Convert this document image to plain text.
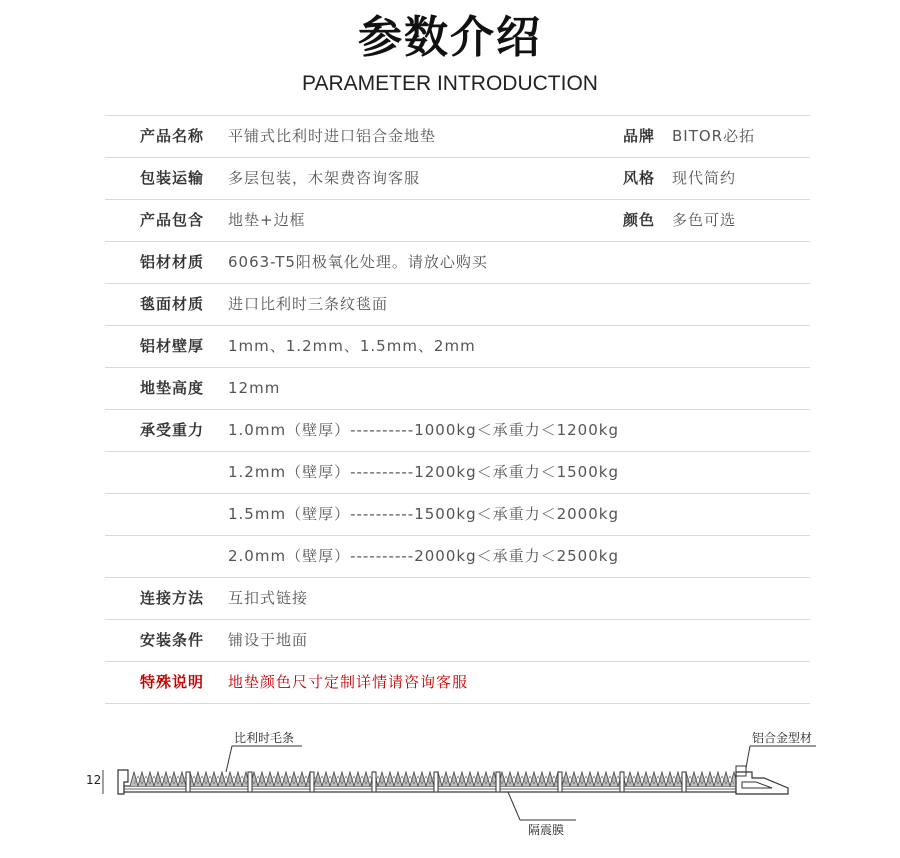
参数介绍
PARAMETER INTRODUCTION
产品名称 平铺式比利时进口铝合金地垫	品牌 BITOR必拓
包装运输 多层包装，木架费咨询客服	风格 现代简约
产品包含 地垫+边框	颜色 多色可选
铝材材质 6063-T5阳极氧化处理。请放心购买
毯面材质 进口比利时三条纹毯面
铝材壁厚 1mm、1.2mm、1.5mm、2mm
地垫高度 12mm
承受重力 1.0mm（壁厚）----------1000kg＜承重力＜1200kg
1.2mm（壁厚）----------1200kg＜承重力＜1500kg
1.5mm（壁厚）----------1500kg＜承重力＜2000kg
2.0mm（壁厚）----------2000kg＜承重力＜2500kg
连接方法 互扣式链接
安装条件 铺设于地面
特殊说明 地垫颜色尺寸定制详情请咨询客服
12
比利时毛条	铝合金型材
隔震膜
